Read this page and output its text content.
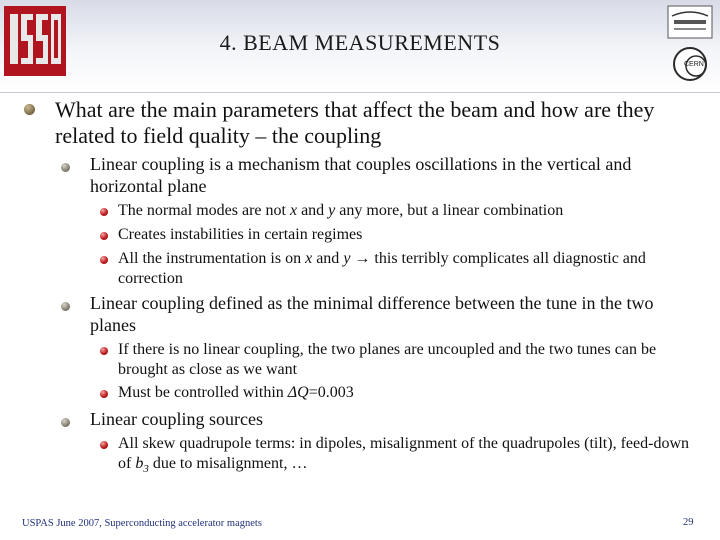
4. BEAM MEASUREMENTS
CERN
What are the main parameters that affect the beam and how are they related to field quality – the coupling
Linear coupling is a mechanism that couples oscillations in the vertical and horizontal plane
The normal modes are not x and y any more, but a linear combination
Creates instabilities in certain regimes
All the instrumentation is on x and y → this terribly complicates all diagnostic and correction
Linear coupling defined as the minimal difference between the tune in the two planes
If there is no linear coupling, the two planes are uncoupled and the two tunes can be brought as close as we want
Must be controlled within ΔQ=0.003
Linear coupling sources
All skew quadrupole terms: in dipoles, misalignment of the quadrupoles (tilt), feed-down of $b_3$ due to misalignment, …
USPAS June 2007, Superconducting accelerator magnets	29
